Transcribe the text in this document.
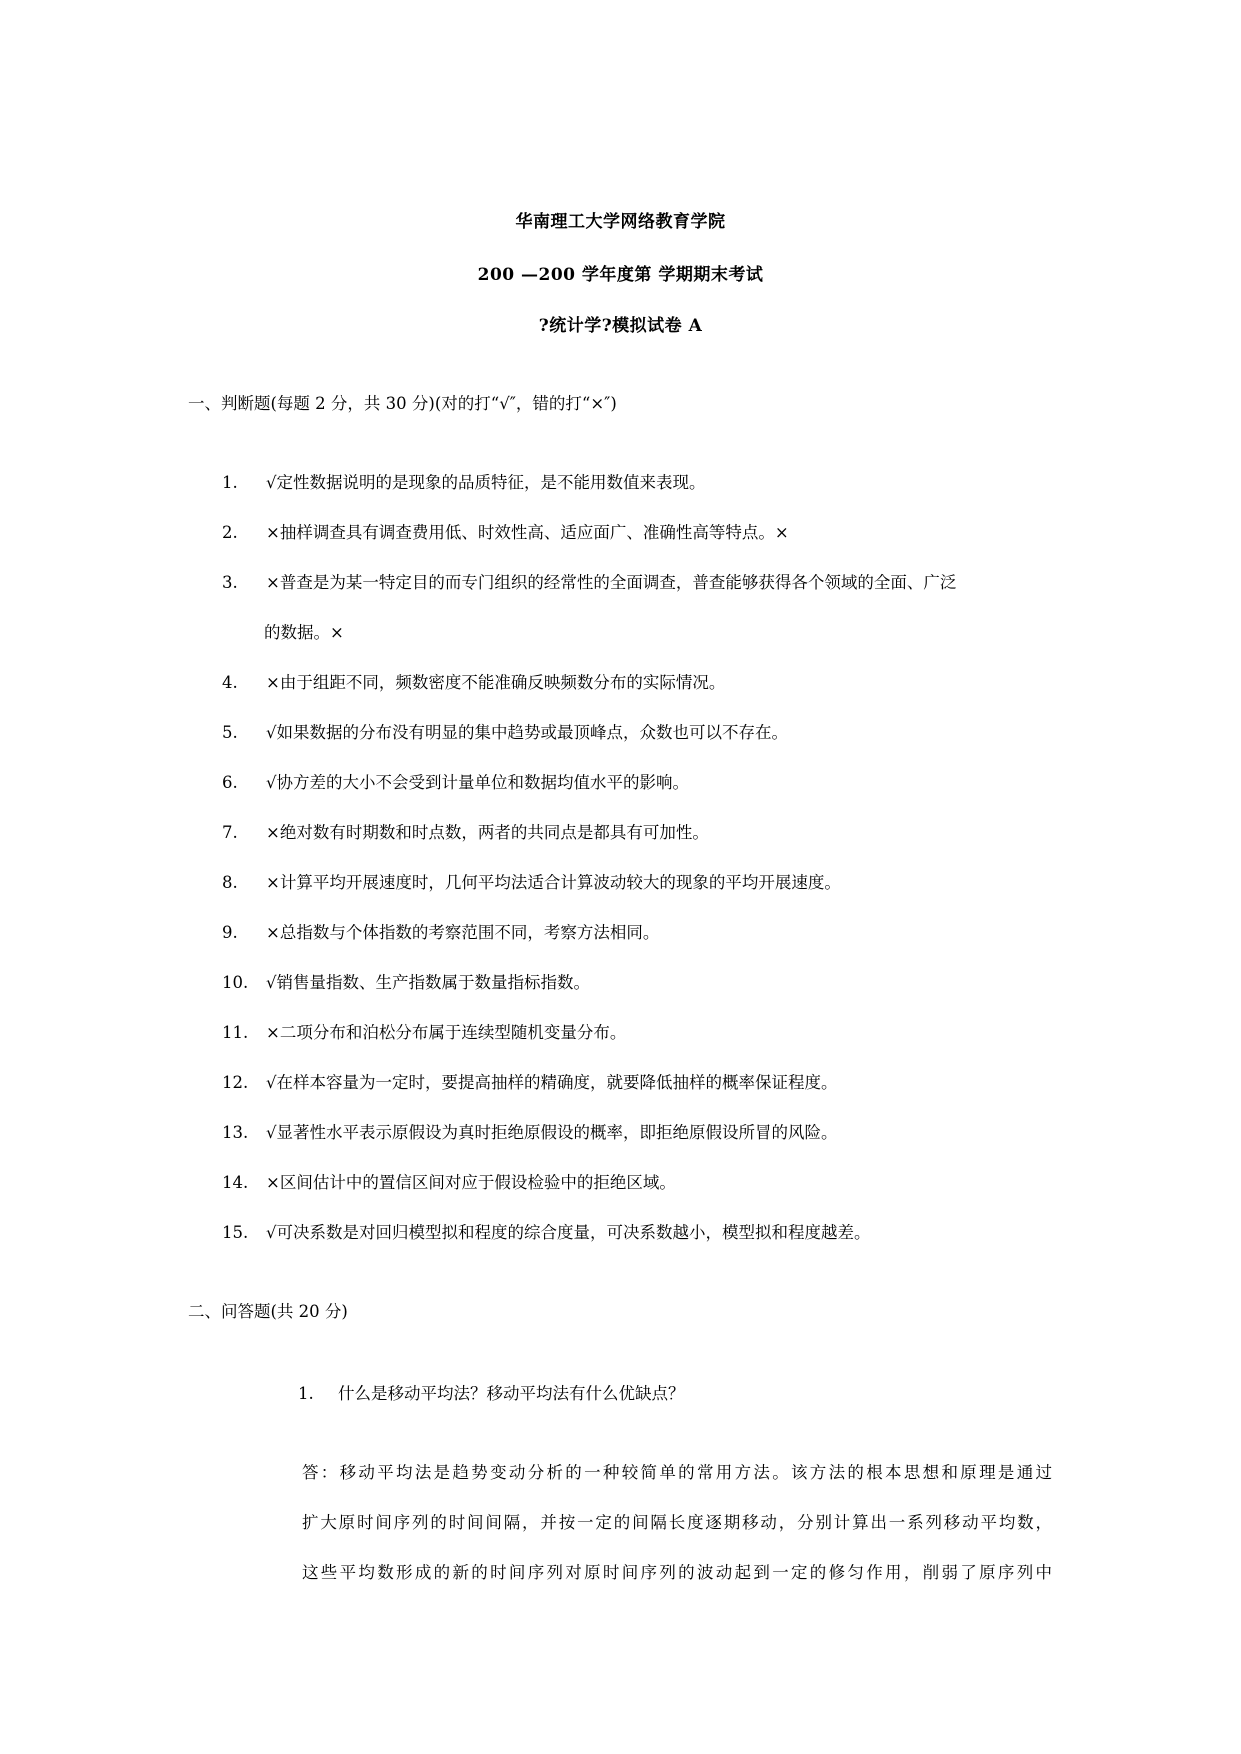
华南理工大学网络教育学院
200 —200 学年度第 学期期末考试
?统计学?模拟试卷 A
一、判断题(每题 2 分，共 30 分)(对的打“√″，错的打“×″)
1. √定性数据说明的是现象的品质特征，是不能用数值来表现。
2. ×抽样调查具有调查费用低、时效性高、适应面广、准确性高等特点。×
3. ×普查是为某一特定目的而专门组织的经常性的全面调查，普查能够获得各个领域的全面、广泛
的数据。×
4. ×由于组距不同，频数密度不能准确反映频数分布的实际情况。
5. √如果数据的分布没有明显的集中趋势或最顶峰点，众数也可以不存在。
6. √协方差的大小不会受到计量单位和数据均值水平的影响。
7. ×绝对数有时期数和时点数，两者的共同点是都具有可加性。
8. ×计算平均开展速度时，几何平均法适合计算波动较大的现象的平均开展速度。
9. ×总指数与个体指数的考察范围不同，考察方法相同。
10. √销售量指数、生产指数属于数量指标指数。
11. ×二项分布和泊松分布属于连续型随机变量分布。
12. √在样本容量为一定时，要提高抽样的精确度，就要降低抽样的概率保证程度。
13. √显著性水平表示原假设为真时拒绝原假设的概率，即拒绝原假设所冒的风险。
14. ×区间估计中的置信区间对应于假设检验中的拒绝区域。
15. √可决系数是对回归模型拟和程度的综合度量，可决系数越小，模型拟和程度越差。
二、问答题(共 20 分)
1. 什么是移动平均法？移动平均法有什么优缺点？
答：移动平均法是趋势变动分析的一种较简单的常用方法。该方法的根本思想和原理是通过
扩大原时间序列的时间间隔，并按一定的间隔长度逐期移动，分别计算出一系列移动平均数，
这些平均数形成的新的时间序列对原时间序列的波动起到一定的修匀作用，削弱了原序列中
